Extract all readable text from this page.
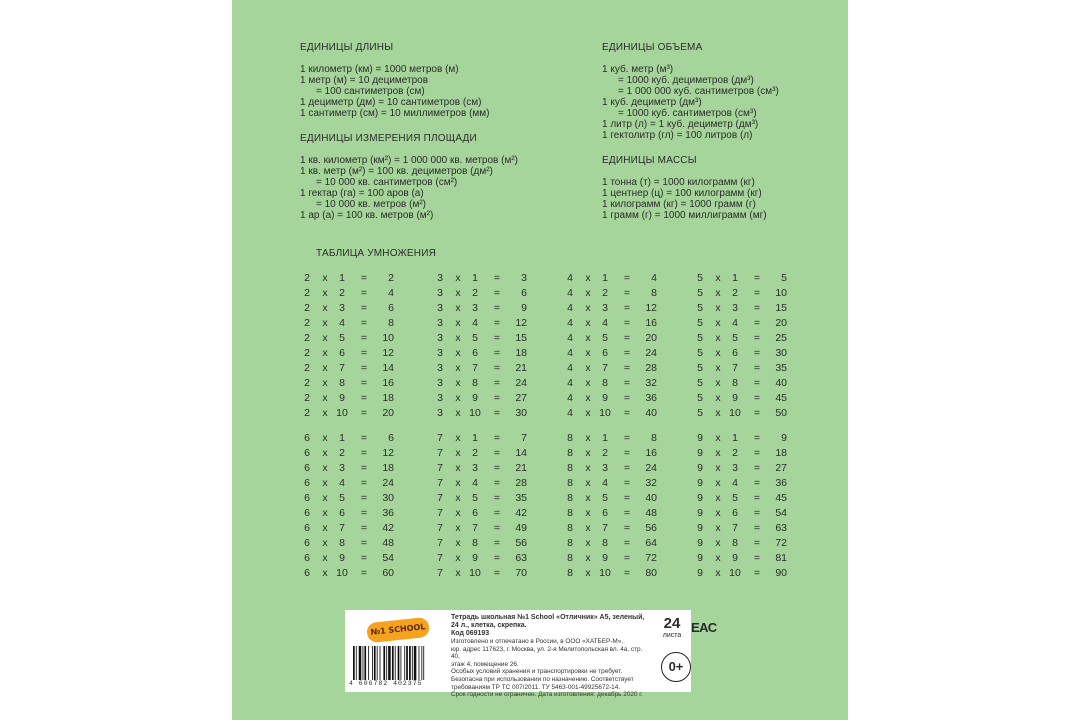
ЕДИНИЦЫ ДЛИНЫ
1 километр (км) = 1000 метров (м)
1 метр (м) = 10 дециметров
= 100 сантиметров (см)
1 дециметр (дм) = 10 сантиметров (см)
1 сантиметр (см) = 10 миллиметров (мм)
ЕДИНИЦЫ ИЗМЕРЕНИЯ ПЛОЩАДИ
1 кв. километр (км²) = 1 000 000 кв. метров (м²)
1 кв. метр (м²) = 100 кв. дециметров (дм²)
= 10 000 кв. сантиметров (см²)
1 гектар (га) = 100 аров (а)
= 10 000 кв. метров (м²)
1 ар (а) = 100 кв. метров (м²)
ЕДИНИЦЫ ОБЪЕМА
1 куб. метр (м³)
= 1000 куб. дециметров (дм³)
= 1 000 000 куб. сантиметров (см³)
1 куб. дециметр (дм³)
= 1000 куб. сантиметров (см³)
1 литр (л) = 1 куб. дециметр (дм³)
1 гектолитр (гл) = 100 литров (л)
ЕДИНИЦЫ МАССЫ
1 тонна (т) = 1000 килограмм (кг)
1 центнер (ц) = 100 килограмм (кг)
1 килограмм (кг) = 1000 грамм (г)
1 грамм (г) = 1000 миллиграмм (мг)
ТАБЛИЦА УМНОЖЕНИЯ
2 x	1	=	2
2 x	2	=	4
2 x	3	=	6
2 x	4	=	8
2 x	5	=	10
2 x	6	=	12
2 x	7	=	14
2 x	8	=	16
2 x	9	=	18
2 x 10 =	20
3 x	1	=	3
3 x	2	=	6
3 x	3	=	9
3 x	4	=	12
3 x	5	=	15
3 x	6	=	18
3 x	7	=	21
3 x	8	=	24
3 x	9	=	27
3 x 10 =	30
4 x	1	=	4
4 x	2	=	8
4 x	3	=	12
4 x	4	=	16
4 x	5	=	20
4 x	6	=	24
4 x	7	=	28
4 x	8	=	32
4 x	9	=	36
4 x 10 =	40
5 x	1	=	5
5 x	2	=	10
5 x	3	=	15
5 x	4	=	20
5 x	5	=	25
5 x	6	=	30
5 x	7	=	35
5 x	8	=	40
5 x	9	=	45
5 x 10 =	50
6 x	1	=	6
6 x	2	=	12
6 x	3	=	18
6 x	4	=	24
6 x	5	=	30
6 x	6	=	36
6 x	7	=	42
6 x	8	=	48
6 x	9	=	54
6 x 10 =	60
7 x	1	=	7
7 x	2	=	14
7 x	3	=	21
7 x	4	=	28
7 x	5	=	35
7 x	6	=	42
7 x	7	=	49
7 x	8	=	56
7 x	9	=	63
7 x 10 =	70
8 x	1	=	8
8 x	2	=	16
8 x	3	=	24
8 x	4	=	32
8 x	5	=	40
8 x	6	=	48
8 x	7	=	56
8 x	8	=	64
8 x	9	=	72
8 x 10 =	80
9 x	1	=	9
9 x	2	=	18
9 x	3	=	27
9 x	4	=	36
9 x	5	=	45
9 x	6	=	54
9 x	7	=	63
9 x	8	=	72
9 x	9	=	81
9 x 10 =	90
№1 SCHOOL
4 606782 402375
Тетрадь школьная №1 School «Отличник» А5, зеленый, 24 л., клетка, скрепка.
Код 069193
Изготовлено и отпечатано в России, в ООО «ХАТБЕР-М»,
юр. адрес 117623, г. Москва, ул. 2-я Мелитопольская вл. 4а, стр. 40,
этаж 4, помещение 26.
Особых условий хранения и транспортировки не требует.
Безопасна при использовании по назначению. Соответствует
требованиям ТР ТС 007/2011. ТУ 5463-001-49925672-14.
Срок годности не ограничен. Дата изготовления: декабрь 2020 г.
24
листа
ЕАС
0+
